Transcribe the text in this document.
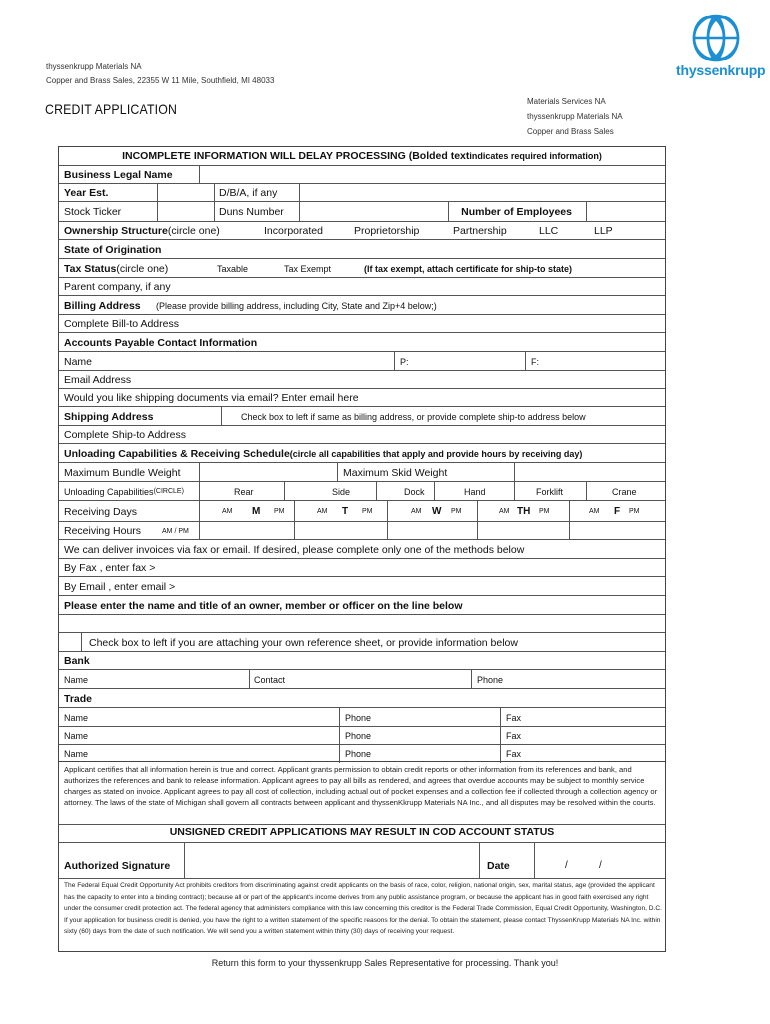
thyssenkrupp Materials NA
Copper and Brass Sales, 22355 W 11 Mile, Southfield, MI 48033
CREDIT APPLICATION	Materials Services NA
thyssenkrupp Materials NA
Copper and Brass Sales
thyssenkrupp
INCOMPLETE INFORMATION WILL DELAY PROCESSING (Bolded text indicates required information)
Business Legal Name
Year Est.	D/B/A, if any
Stock Ticker	Duns Number	Number of Employees
Ownership Structure (circle one)	Incorporated	Proprietorship	Partnership	LLC	LLP
State of Origination
Tax Status (circle one)	Taxable	Tax Exempt	(If tax exempt, attach certificate for ship-to state)
Parent company, if any
Billing Address	(Please provide billing address, including City, State and Zip+4 below;)
Complete Bill-to Address
Accounts Payable Contact Information
Name	P:	F:
Email Address
Would you like shipping documents via email? Enter email here
Shipping Address	Check box to left if same as billing address, or provide complete ship-to address below
Complete Ship-to Address
Unloading Capabilities & Receiving Schedule (circle all capabilities that apply and provide hours by receiving day)
Maximum Bundle Weight	Maximum Skid Weight
Unloading Capabilities (CIRCLE)	Rear	Side	Dock	Hand	Forklift	Crane
Receiving Days	AM	M	PM	AM	T	PM	AM	W	PM	AM TH	PM	AM	F	PM
Receiving Hours	AM / PM
We can deliver invoices via fax or email. If desired, please complete only one of the methods below
By Fax , enter fax >
By Email , enter email >
Please enter the name and title of an owner, member or officer on the line below
Check box to left if you are attaching your own reference sheet, or provide information below
Bank
Name	Contact	Phone
Trade
Name	Phone	Fax
Name	Phone	Fax
Name	Phone	Fax
Applicant certifies that all information herein is true and correct. Applicant grants permission to obtain credit reports or other information from its references and bank, and authorizes the references and bank to release information. Applicant agrees to pay all bills as rendered, and agrees that overdue accounts may be subject to monthly service charges as stated on invoice. Applicant agrees to pay all cost of collection, including actual out of pocket expenses and a collection fee if collected through a collection agency or attorney. The laws of the state of Michigan shall govern all contracts between applicant and thyssenKkrupp Materials NA Inc., and all disputes may be resolved within the courts.
UNSIGNED CREDIT APPLICATIONS MAY RESULT IN COD ACCOUNT STATUS
Authorized Signature	Date	/	/
The Federal Equal Credit Opportunity Act prohibits creditors from discriminating against credit applicants on the basis of race, color, religion, national origin, sex, marital status, age (provided the applicant has the capacity to enter into a binding contract); because all or part of the applicant's income derives from any public assistance program, or because the applicant has in good faith exercised any right under the consumer credit protection act. The federal agency that administers compliance with this law concerning this creditor is the Federal Trade Commission, Equal Credit Opportunity, Washington, D.C. If your application for business credit is denied, you have the right to a written statement of the specific reasons for the denial. To obtain the statement, please contact ThyssenKrupp Materials NA Inc. within sixty (60) days from the date of such notification. We will send you a written statement within thirty (30) days of receiving your request.
Return this form to your thyssenkrupp Sales Representative for processing. Thank you!
